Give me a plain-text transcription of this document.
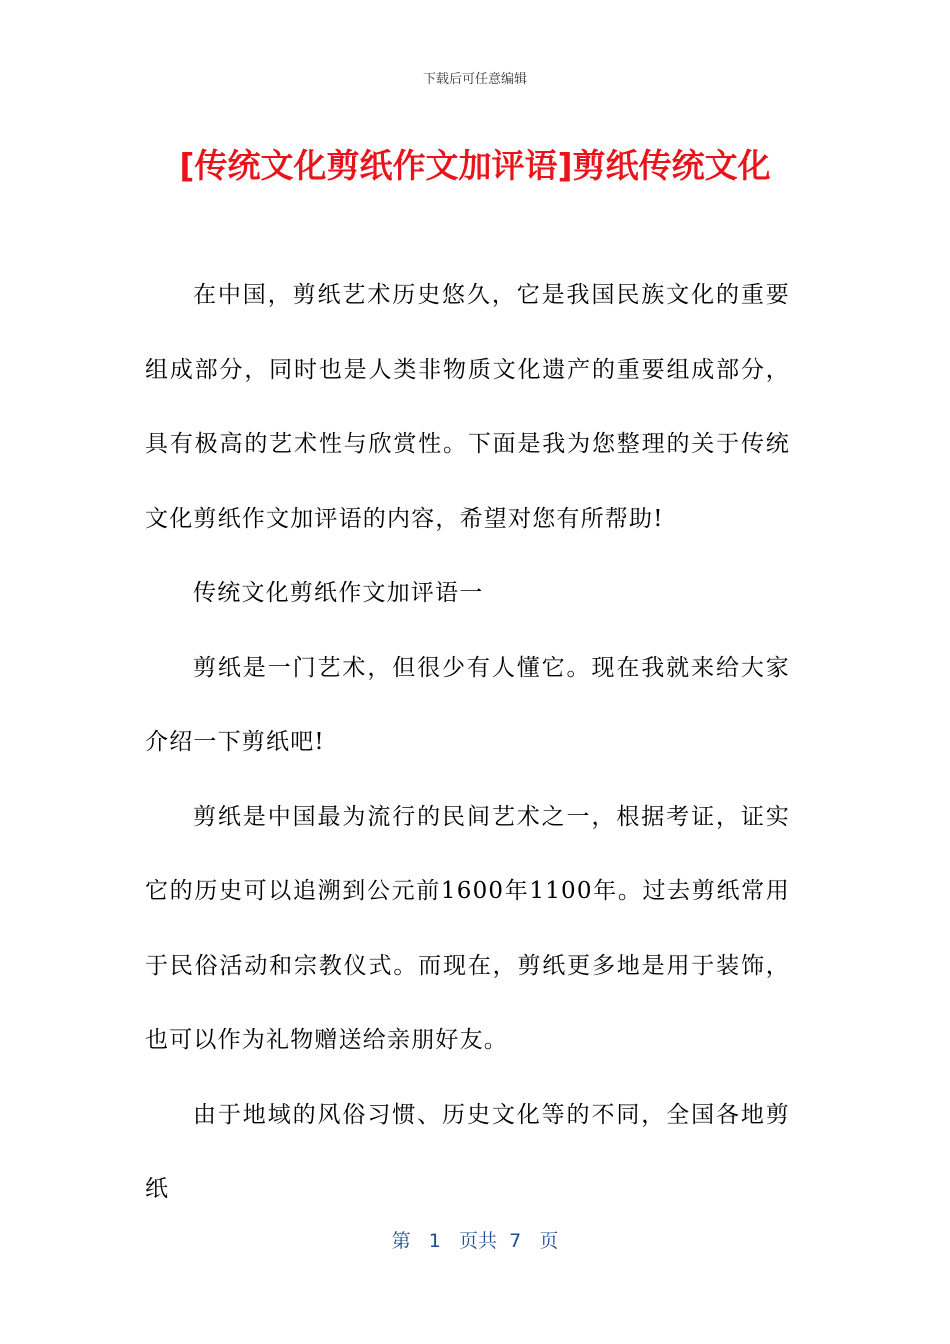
下载后可任意编辑
[传统文化剪纸作文加评语]剪纸传统文化

在中国，剪纸艺术历史悠久，它是我国民族文化的重要组成部分，同时也是人类非物质文化遗产的重要组成部分，具有极高的艺术性与欣赏性。下面是我为您整理的关于传统文化剪纸作文加评语的内容，希望对您有所帮助!

传统文化剪纸作文加评语一

剪纸是一门艺术，但很少有人懂它。现在我就来给大家介绍一下剪纸吧!

剪纸是中国最为流行的民间艺术之一，根据考证，证实它的历史可以追溯到公元前1600年1100年。过去剪纸常用于民俗活动和宗教仪式。而现在，剪纸更多地是用于装饰，也可以作为礼物赠送给亲朋好友。

由于地域的风俗习惯、历史文化等的不同，全国各地剪纸

第 1 页共 7 页
